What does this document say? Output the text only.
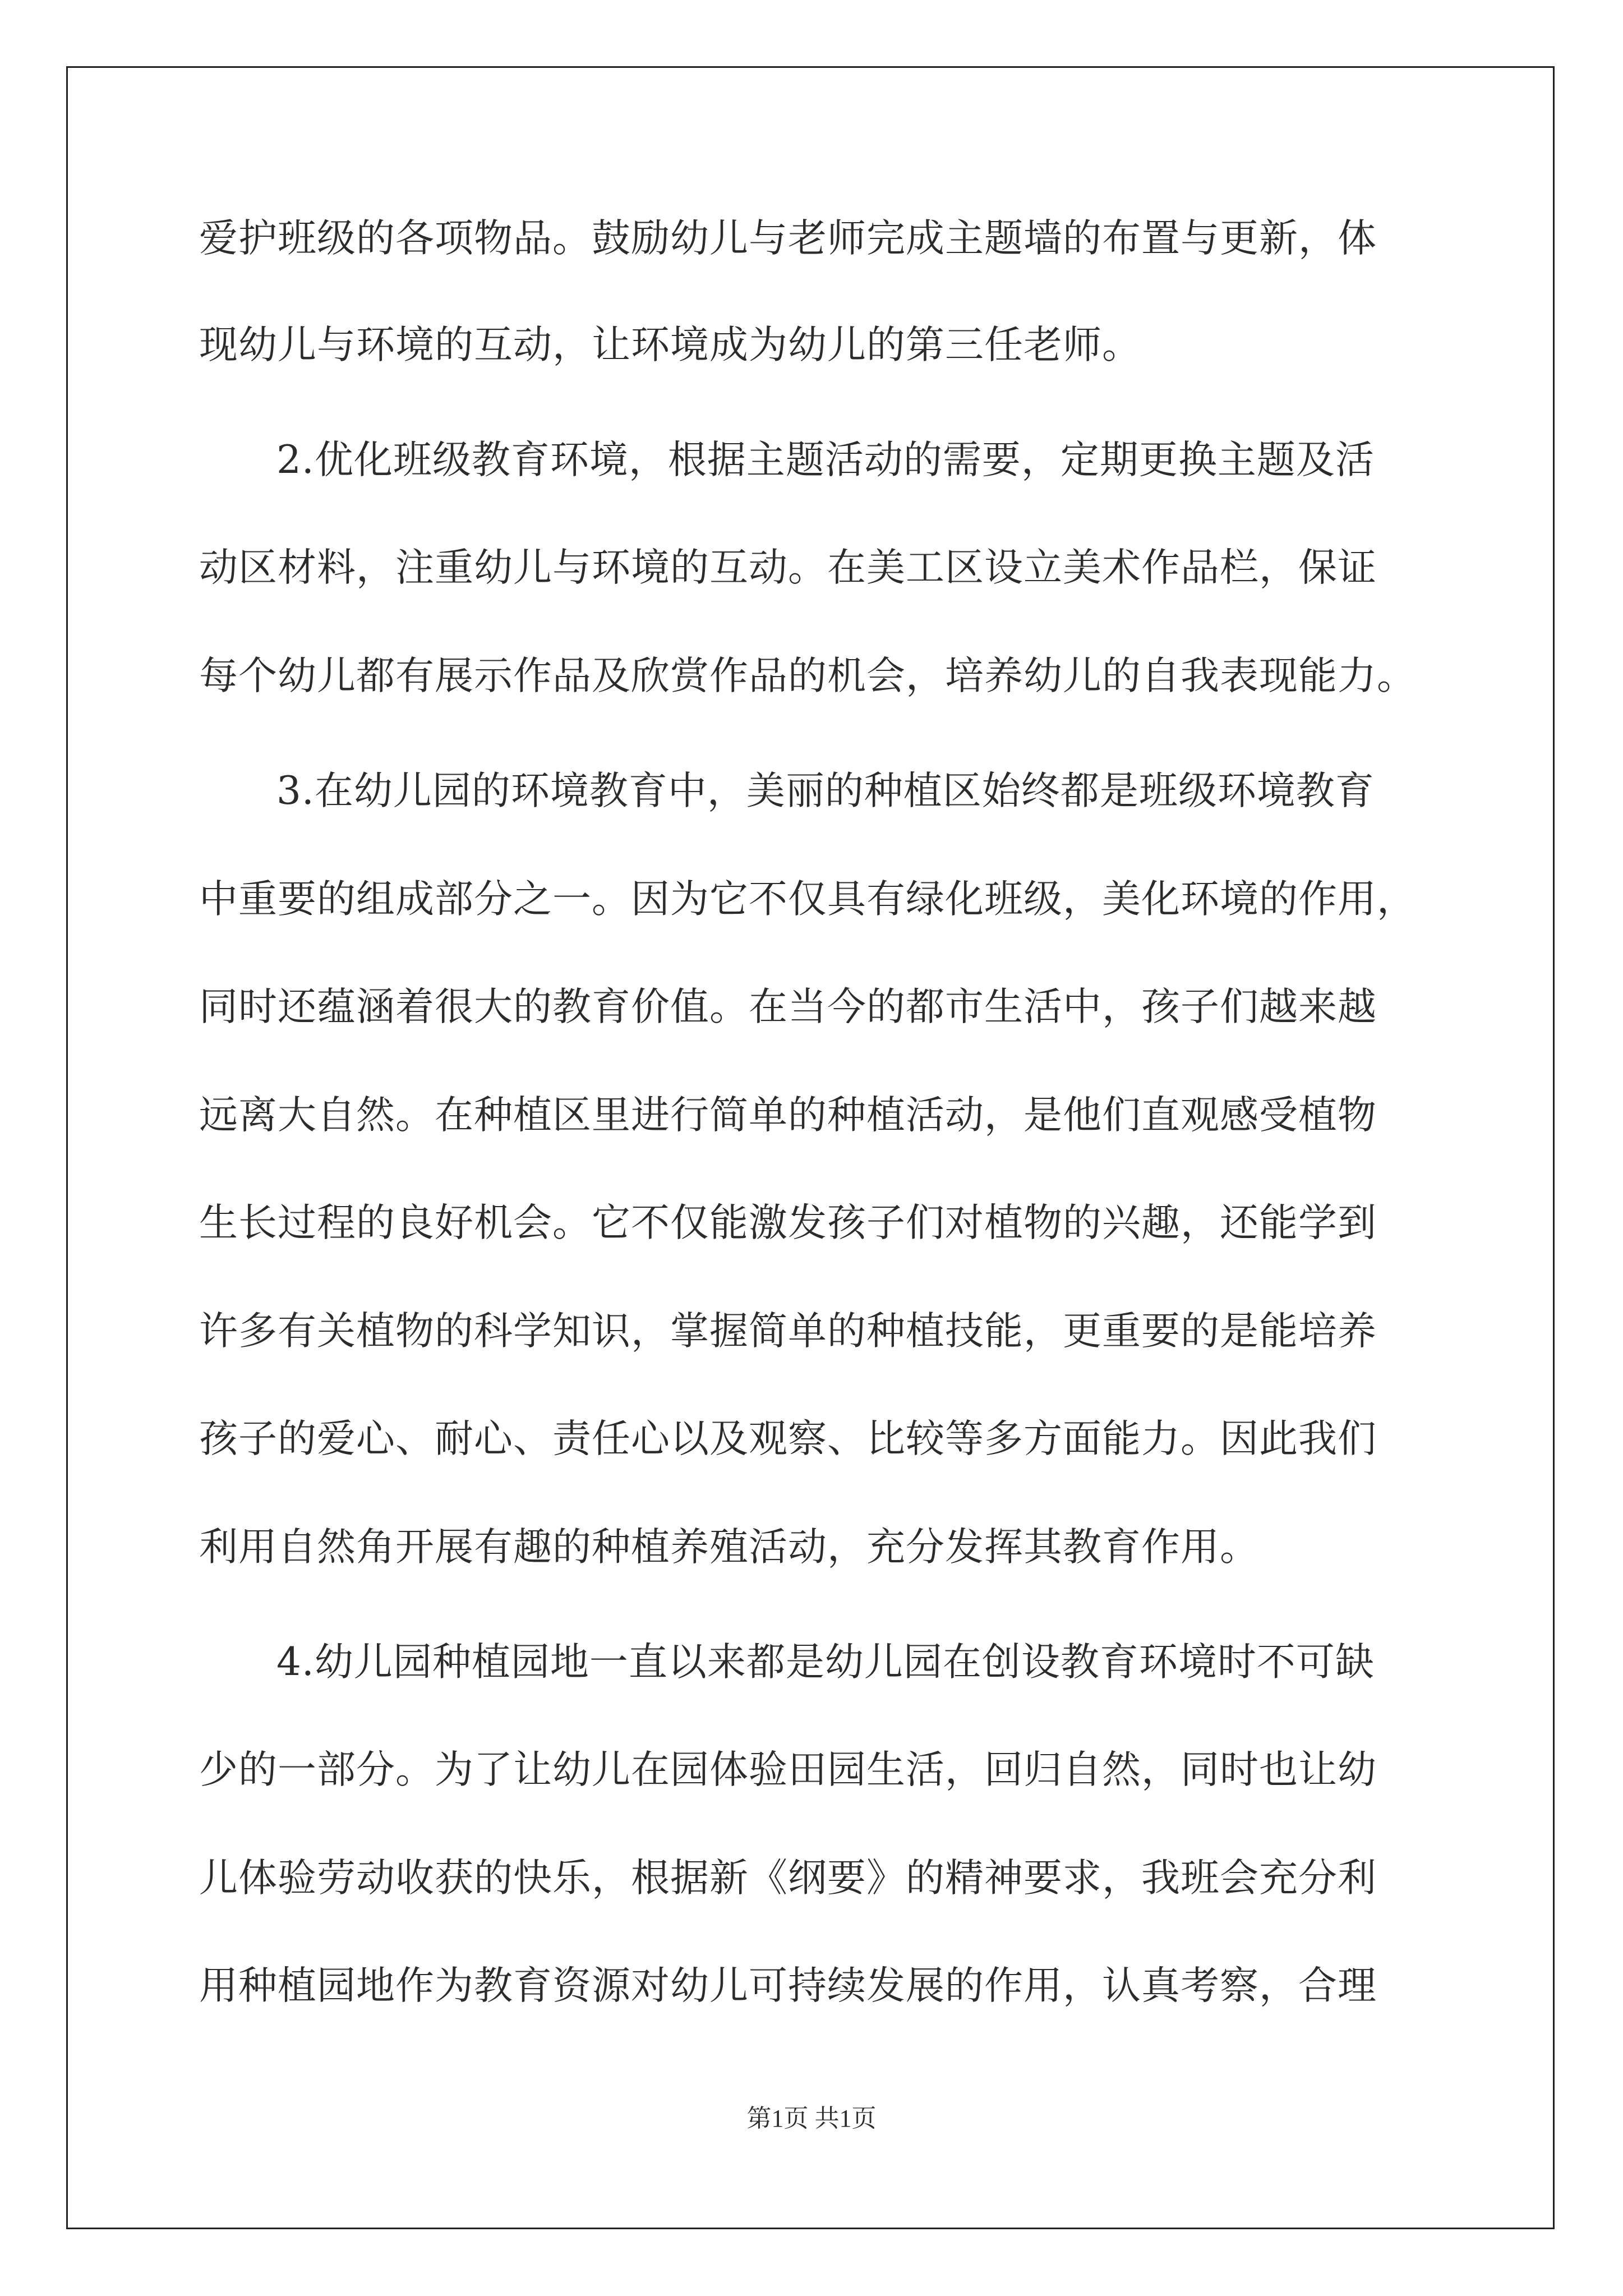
爱护班级的各项物品。鼓励幼儿与老师完成主题墙的布置与更新，体
现幼儿与环境的互动，让环境成为幼儿的第三任老师。
2.优化班级教育环境，根据主题活动的需要，定期更换主题及活
动区材料，注重幼儿与环境的互动。在美工区设立美术作品栏，保证
每个幼儿都有展示作品及欣赏作品的机会，培养幼儿的自我表现能力。
3.在幼儿园的环境教育中，美丽的种植区始终都是班级环境教育
中重要的组成部分之一。因为它不仅具有绿化班级，美化环境的作用，
同时还蕴涵着很大的教育价值。在当今的都市生活中，孩子们越来越
远离大自然。在种植区里进行简单的种植活动，是他们直观感受植物
生长过程的良好机会。它不仅能激发孩子们对植物的兴趣，还能学到
许多有关植物的科学知识，掌握简单的种植技能，更重要的是能培养
孩子的爱心、耐心、责任心以及观察、比较等多方面能力。因此我们
利用自然角开展有趣的种植养殖活动，充分发挥其教育作用。
4.幼儿园种植园地一直以来都是幼儿园在创设教育环境时不可缺
少的一部分。为了让幼儿在园体验田园生活，回归自然，同时也让幼
儿体验劳动收获的快乐，根据新《纲要》的精神要求，我班会充分利
用种植园地作为教育资源对幼儿可持续发展的作用，认真考察，合理
第1页 共1页
